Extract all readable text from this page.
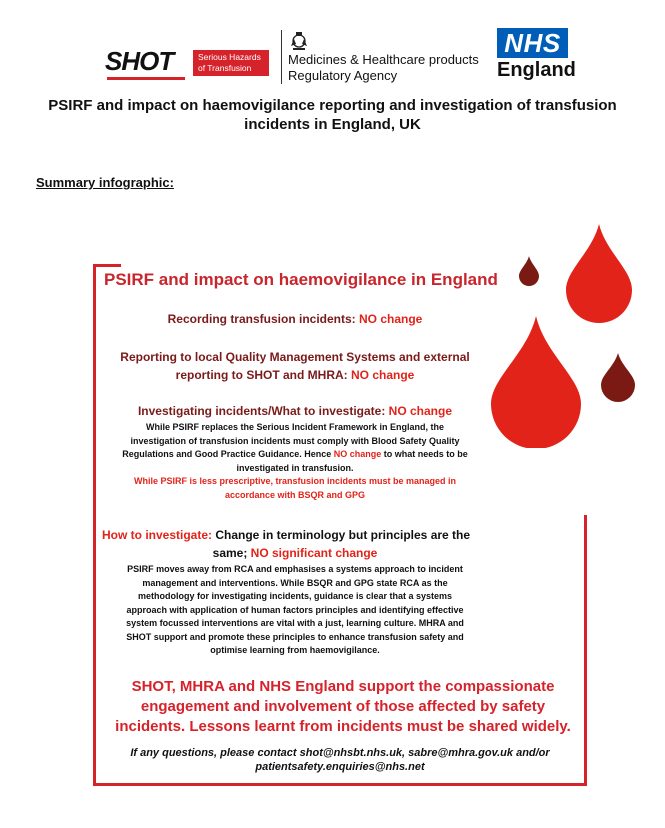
SHOT	Serious Hazards
of Transfusion
Medicines & Healthcare products
Regulatory Agency
NHS
England
PSIRF and impact on haemovigilance reporting and investigation of transfusion
incidents in England, UK
Summary infographic:
PSIRF and impact on haemovigilance in England
Recording transfusion incidents: NO change
Reporting to local Quality Management Systems and external
reporting to SHOT and MHRA: NO change
Investigating incidents/What to investigate: NO change
While PSIRF replaces the Serious Incident Framework in England, the
investigation of transfusion incidents must comply with Blood Safety Quality
Regulations and Good Practice Guidance. Hence NO change to what needs to be
investigated in transfusion.
While PSIRF is less prescriptive, transfusion incidents must be managed in
accordance with BSQR and GPG
How to investigate: Change in terminology but principles are the
same; NO significant change
PSIRF moves away from RCA and emphasises a systems approach to incident
management and interventions. While BSQR and GPG state RCA as the
methodology for investigating incidents, guidance is clear that a systems
approach with application of human factors principles and identifying effective
system focussed interventions are vital with a just, learning culture. MHRA and
SHOT support and promote these principles to enhance transfusion safety and
optimise learning from haemovigilance.
SHOT, MHRA and NHS England support the compassionate
engagement and involvement of those affected by safety
incidents. Lessons learnt from incidents must be shared widely.
If any questions, please contact shot@nhsbt.nhs.uk, sabre@mhra.gov.uk and/or
patientsafety.enquiries@nhs.net
